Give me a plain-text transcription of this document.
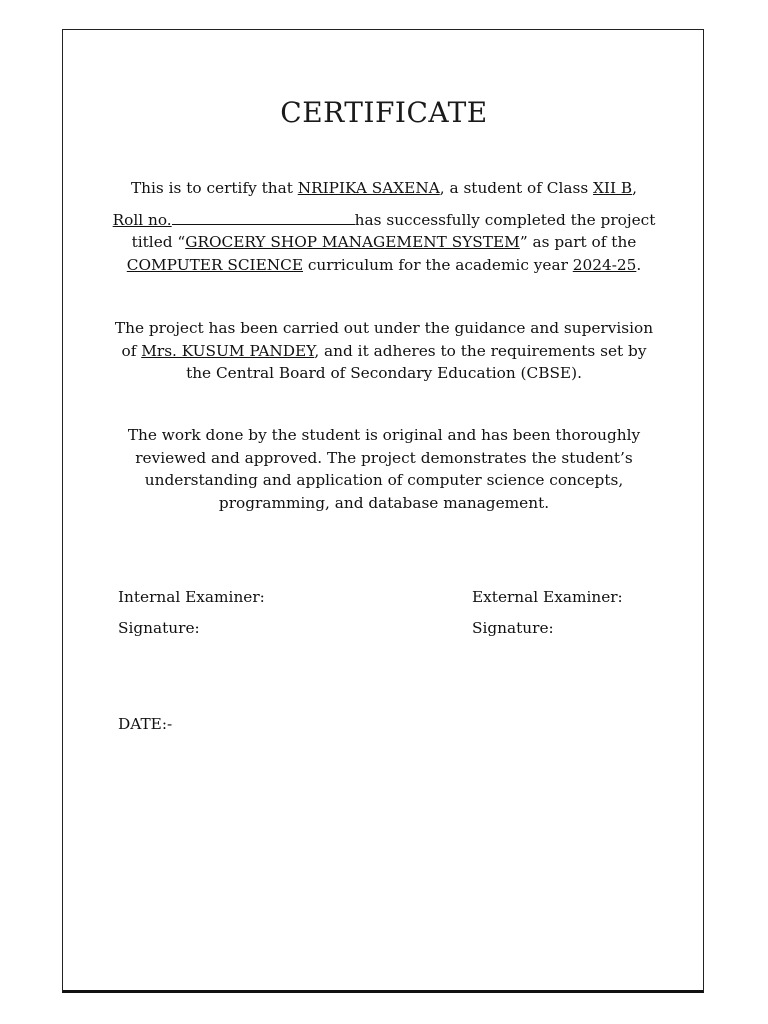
CERTIFICATE
This is to certify that NRIPIKA SAXENA, a student of Class XII B,
Roll no.	has successfully completed the project
titled “GROCERY SHOP MANAGEMENT SYSTEM” as part of the
COMPUTER SCIENCE curriculum for the academic year 2024-25.
The project has been carried out under the guidance and supervision
of Mrs. KUSUM PANDEY, and it adheres to the requirements set by
the Central Board of Secondary Education (CBSE).
The work done by the student is original and has been thoroughly
reviewed and approved. The project demonstrates the student’s
understanding and application of computer science concepts,
programming, and database management.
Internal Examiner:	External Examiner:
Signature:	Signature:
DATE:-
